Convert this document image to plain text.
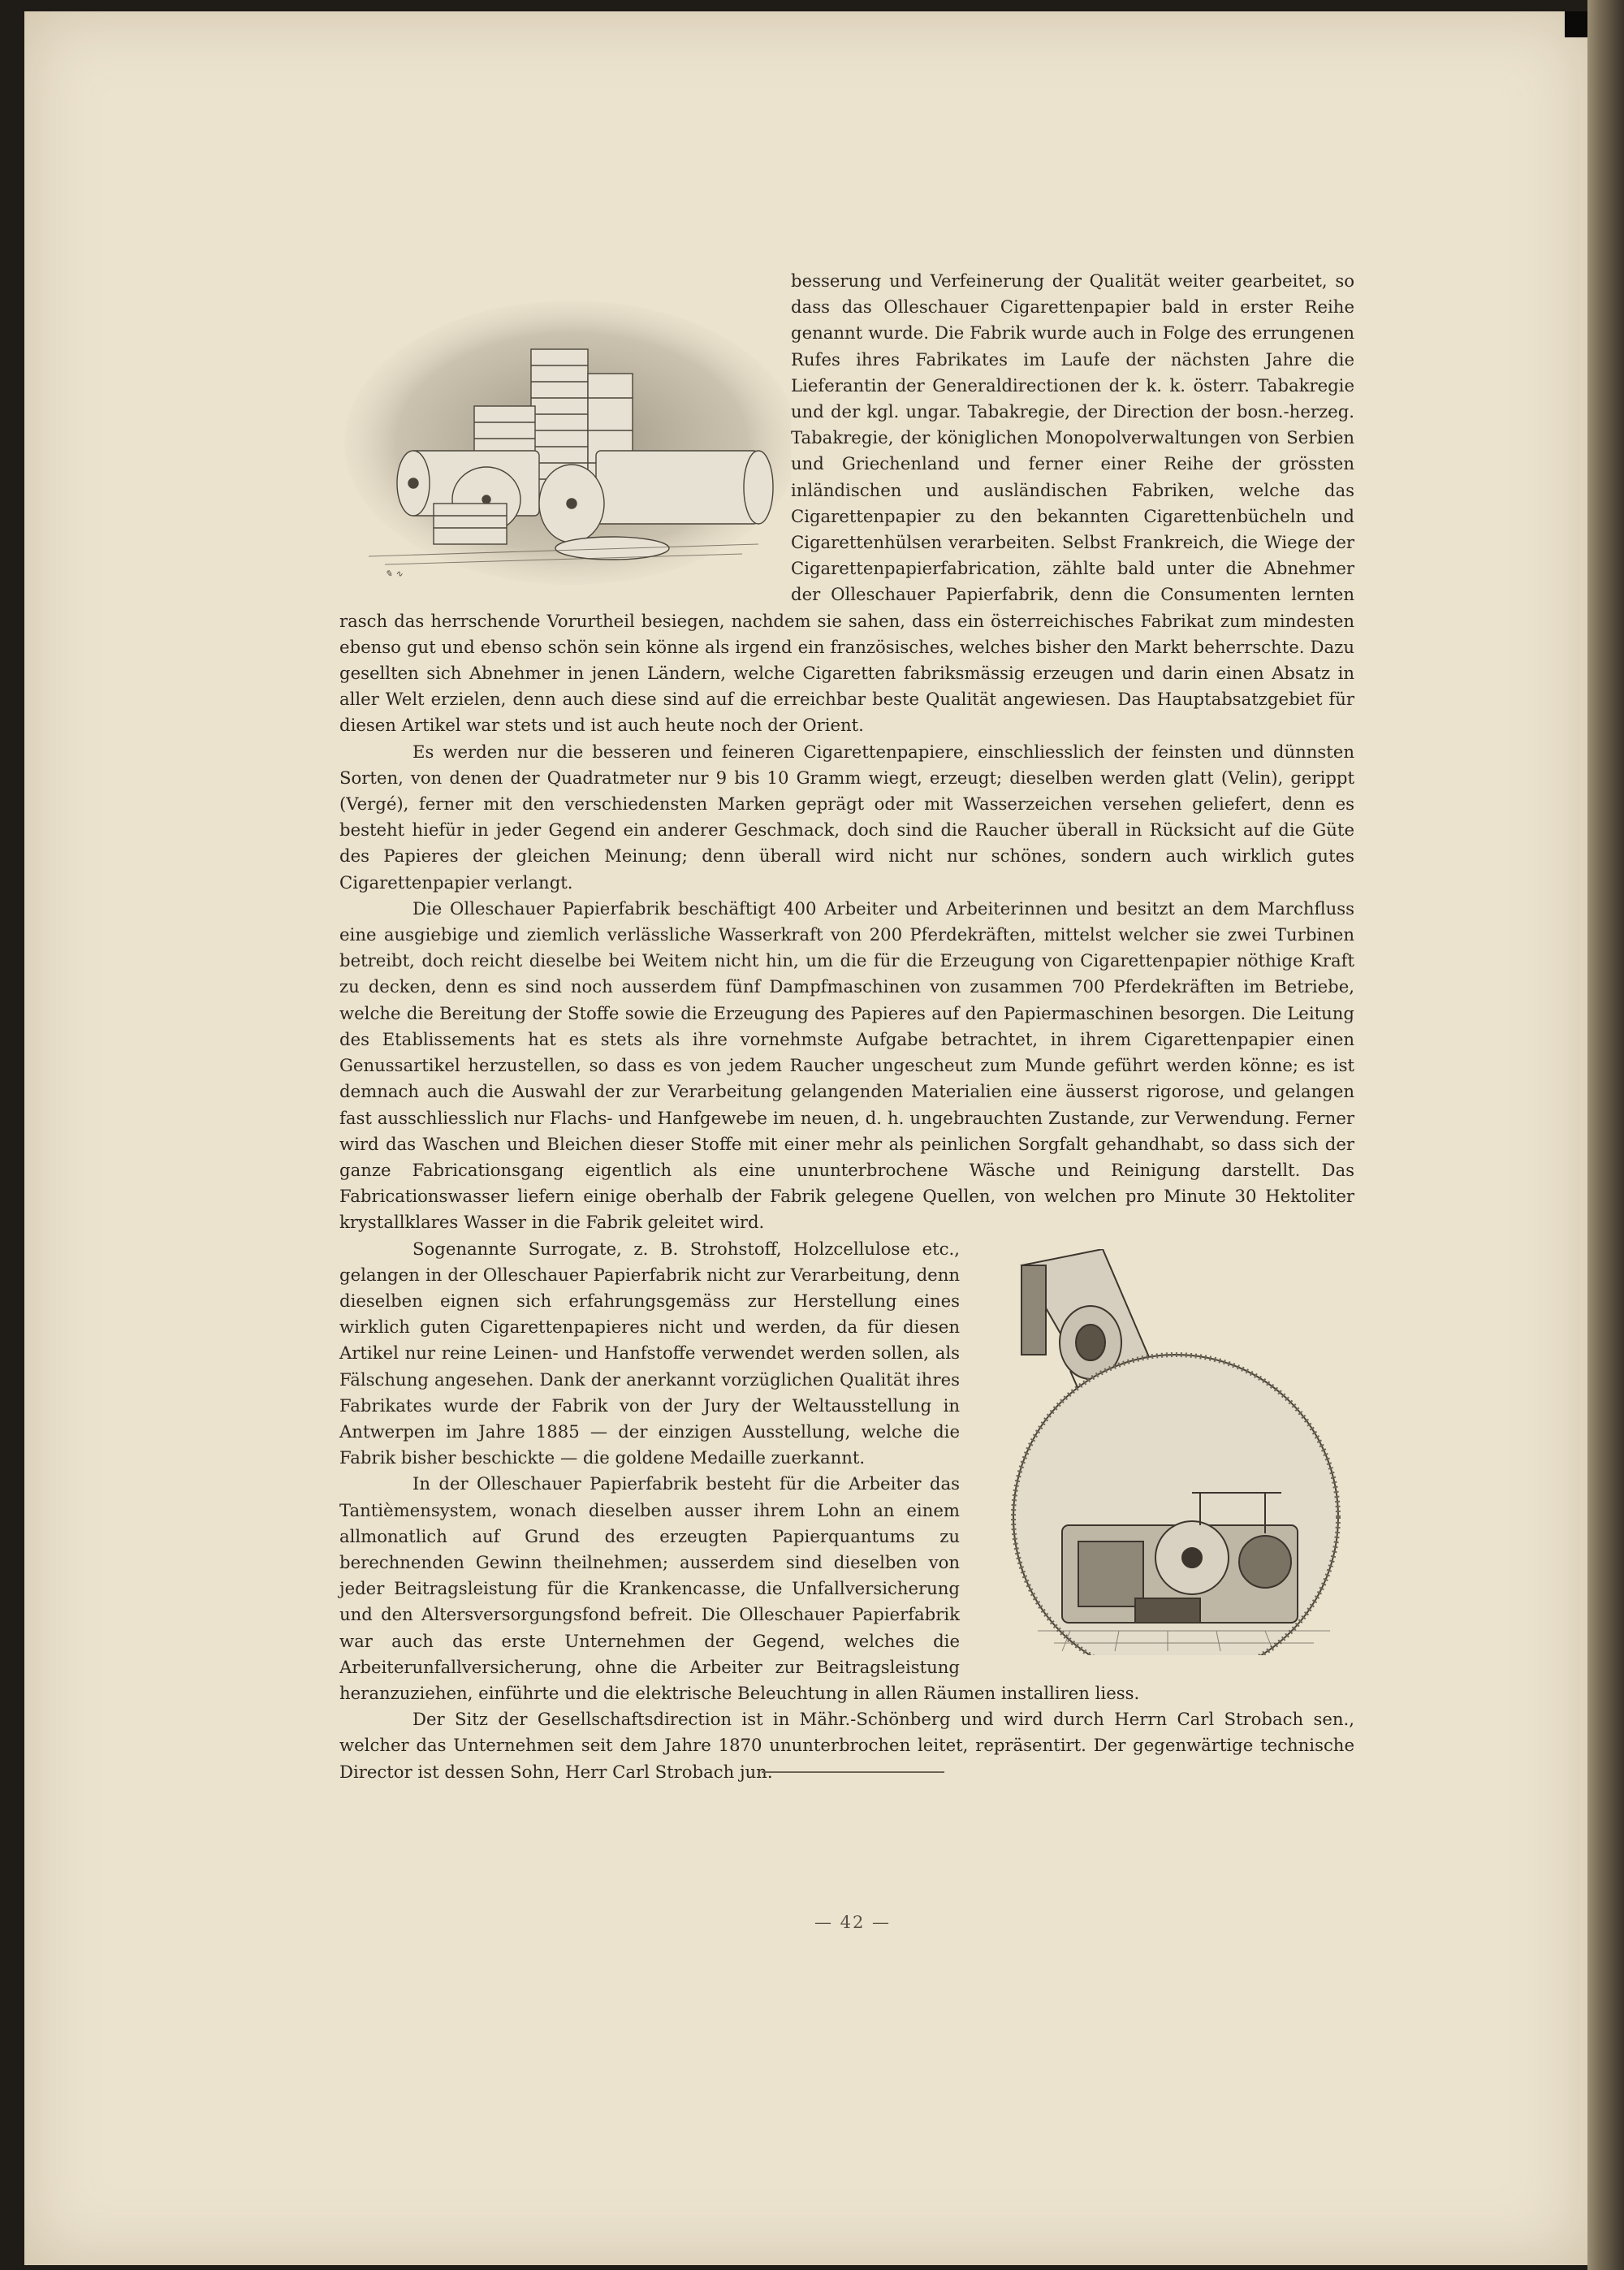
✎ ∿
besserung und Verfeinerung der Qualität weiter gearbeitet, so dass das Olleschauer Cigarettenpapier bald in erster Reihe genannt wurde. Die Fabrik wurde auch in Folge des errungenen Rufes ihres Fabrikates im Laufe der nächsten Jahre die Lieferantin der Generaldirectionen der k. k. österr. Tabakregie und der kgl. ungar. Tabakregie, der Direction der bosn.-herzeg. Tabakregie, der königlichen Monopolverwaltungen von Serbien und Griechenland und ferner einer Reihe der grössten inländischen und ausländischen Fabriken, welche das Cigarettenpapier zu den bekannten Cigarettenbücheln und Cigarettenhülsen verarbeiten. Selbst Frankreich, die Wiege der Cigarettenpapierfabrication, zählte bald unter die Abnehmer der Olleschauer Papierfabrik, denn die Consumenten lernten rasch das herrschende Vorurtheil besiegen, nachdem sie sahen, dass ein österreichisches Fabrikat zum mindesten ebenso gut und ebenso schön sein könne als irgend ein französisches, welches bisher den Markt beherrschte. Dazu gesellten sich Abnehmer in jenen Ländern, welche Cigaretten fabriksmässig erzeugen und darin einen Absatz in aller Welt erzielen, denn auch diese sind auf die erreichbar beste Qualität angewiesen. Das Hauptabsatzgebiet für diesen Artikel war stets und ist auch heute noch der Orient.

Es werden nur die besseren und feineren Cigarettenpapiere, einschliesslich der feinsten und dünnsten Sorten, von denen der Quadratmeter nur 9 bis 10 Gramm wiegt, erzeugt; dieselben werden glatt (Velin), gerippt (Vergé), ferner mit den verschiedensten Marken geprägt oder mit Wasserzeichen versehen geliefert, denn es besteht hiefür in jeder Gegend ein anderer Geschmack, doch sind die Raucher überall in Rücksicht auf die Güte des Papieres der gleichen Meinung; denn überall wird nicht nur schönes, sondern auch wirklich gutes Cigarettenpapier verlangt.

Die Olleschauer Papierfabrik beschäftigt 400 Arbeiter und Arbeiterinnen und besitzt an dem Marchfluss eine ausgiebige und ziemlich verlässliche Wasserkraft von 200 Pferdekräften, mittelst welcher sie zwei Turbinen betreibt, doch reicht dieselbe bei Weitem nicht hin, um die für die Erzeugung von Cigarettenpapier nöthige Kraft zu decken, denn es sind noch ausserdem fünf Dampfmaschinen von zusammen 700 Pferdekräften im Betriebe, welche die Bereitung der Stoffe sowie die Erzeugung des Papieres auf den Papiermaschinen besorgen. Die Leitung des Etablissements hat es stets als ihre vornehmste Aufgabe betrachtet, in ihrem Cigarettenpapier einen Genussartikel herzustellen, so dass es von jedem Raucher ungescheut zum Munde geführt werden könne; es ist demnach auch die Auswahl der zur Verarbeitung gelangenden Materialien eine äusserst rigorose, und gelangen fast ausschliesslich nur Flachs- und Hanfgewebe im neuen, d. h. ungebrauchten Zustande, zur Verwendung. Ferner wird das Waschen und Bleichen dieser Stoffe mit einer mehr als peinlichen Sorgfalt gehandhabt, so dass sich der ganze Fabricationsgang eigentlich als eine ununterbrochene Wäsche und Reinigung darstellt. Das Fabricationswasser liefern einige oberhalb der Fabrik gelegene Quellen, von welchen pro Minute 30 Hektoliter krystallklares Wasser in die Fabrik geleitet wird.

Sogenannte Surrogate, z. B. Strohstoff, Holzcellulose etc., gelangen in der Olleschauer Papierfabrik nicht zur Verarbeitung, denn dieselben eignen sich erfahrungsgemäss zur Herstellung eines wirklich guten Cigarettenpapieres nicht und werden, da für diesen Artikel nur reine Leinen- und Hanfstoffe verwendet werden sollen, als Fälschung angesehen. Dank der anerkannt vorzüglichen Qualität ihres Fabrikates wurde der Fabrik von der Jury der Weltausstellung in Antwerpen im Jahre 1885 — der einzigen Ausstellung, welche die Fabrik bisher beschickte — die goldene Medaille zuerkannt.

In der Olleschauer Papierfabrik besteht für die Arbeiter das Tantièmensystem, wonach dieselben ausser ihrem Lohn an einem allmonatlich auf Grund des erzeugten Papierquantums zu berechnenden Gewinn theilnehmen; ausserdem sind dieselben von jeder Beitragsleistung für die Krankencasse, die Unfallversicherung und den Altersversorgungsfond befreit. Die Olleschauer Papierfabrik war auch das erste Unternehmen der Gegend, welches die Arbeiterunfallversicherung, ohne die Arbeiter zur Beitragsleistung heranzuziehen, einführte und die elektrische Beleuchtung in allen Räumen installiren liess.

Der Sitz der Gesellschaftsdirection ist in Mähr.-Schönberg und wird durch Herrn Carl Strobach sen., welcher das Unternehmen seit dem Jahre 1870 ununterbrochen leitet, repräsentirt. Der gegenwärtige technische Director ist dessen Sohn, Herr Carl Strobach jun.

— 42 —
